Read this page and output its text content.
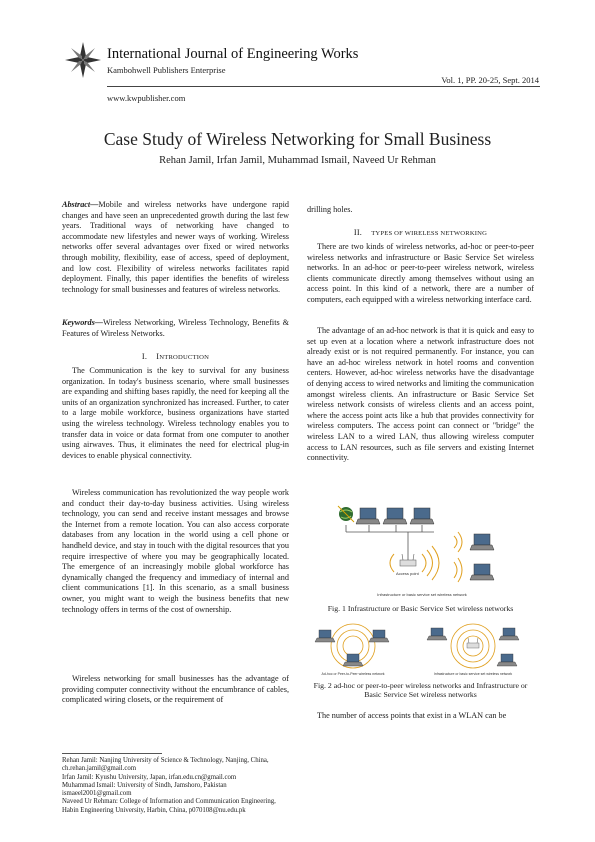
International Journal of Engineering Works
Kambohwell Publishers Enterprise
Vol. 1, PP. 20-25, Sept. 2014
www.kwpublisher.com
Case Study of Wireless Networking for Small Business
Rehan Jamil, Irfan Jamil, Muhammad Ismail, Naveed Ur Rehman

Abstract—Mobile and wireless networks have undergone rapid changes and have seen an unprecedented growth during the last few years. Traditional ways of networking have changed to accommodate new lifestyles and newer ways of working. Wireless networks offer several advantages over fixed or wired networks through mobility, flexibility, ease of access, speed of deployment, and low cost. Flexibility of wireless networks facilitates rapid deployment. Finally, this paper identifies the benefits of wireless technology for small businesses and features of wireless networks.

Keywords—Wireless Networking, Wireless Technology, Benefits & Features of Wireless Networks.

I. INTRODUCTION

The Communication is the key to survival for any business organization. In today's business scenario, where small businesses are expanding and shifting bases rapidly, the need for keeping all the units of an organization synchronized has increased. Further, to cater to a large mobile workforce, business organizations have started using the wireless technology. Wireless technology enables you to transfer data in voice or data format from one computer to another using airwaves. Thus, it eliminates the need for electrical plug-in devices to enable physical connectivity.

Wireless communication has revolutionized the way people work and conduct their day-to-day business activities. Using wireless technology, you can send and receive instant messages and browse the Internet from a remote location. You can also access corporate databases from any location in the world using a cell phone or handheld device, and stay in touch with the digital resources that you require irrespective of where you may be geographically located. The emergence of an increasingly mobile global workforce has dynamically changed the frequency and immediacy of internal and client communications [1]. In this scenario, as a small business owner, you might want to weigh the business benefits that new technology offers in terms of the cost of ownership.

Wireless networking for small businesses has the advantage of providing computer connectivity without the encumbrance of cables, complicated wiring closets, or the requirement of

Rehan Jamil: Nanjing University of Science & Technology, Nanjing, China,
ch.rehan.jamil@gmail.com
Irfan Jamil: Kyushu University, Japan, irfan.edu.cn@gmail.com
Muhammad Ismail: University of Sindh, Jamshoro, Pakistan
ismaeel2001@gmail.com
Naveed Ur Rehman: College of Information and Communication Engineering,
Habin Engineering University, Harbin, China, p070108@nu.edu.pk

drilling holes.

II. TYPES OF WIRELESS NETWORKING

There are two kinds of wireless networks, ad-hoc or peer-to-peer wireless networks and infrastructure or Basic Service Set wireless networks. In an ad-hoc or peer-to-peer wireless network, wireless clients communicate directly among themselves without using an access point. In this kind of a network, there are a number of computers, each equipped with a wireless networking interface card.

The advantage of an ad-hoc network is that it is quick and easy to set up even at a location where a network infrastructure does not already exist or is not required permanently. For instance, you can have an ad-hoc wireless network in hotel rooms and convention centers. However, ad-hoc wireless networks have the disadvantage of denying access to wired networks and limiting the communication amongst wireless clients. An infrastructure or Basic Service Set wireless network consists of wireless clients and an access point, where the access point acts like a hub that provides connectivity for wireless computers. The access point can connect or "bridge" the wireless LAN to a wired LAN, thus allowing wireless computer access to LAN resources, such as file servers and existing Internet connectivity.

Access point
Infrastructure or basic service set wireless network
Fig. 1 Infrastructure or Basic Service Set wireless networks
Ad-hoc or Peer-to-Peer wireless network	Infrastructure or basic service set wireless network
Fig. 2 ad-hoc or peer-to-peer wireless networks and Infrastructure or Basic Service Set wireless networks

The number of access points that exist in a WLAN can be
